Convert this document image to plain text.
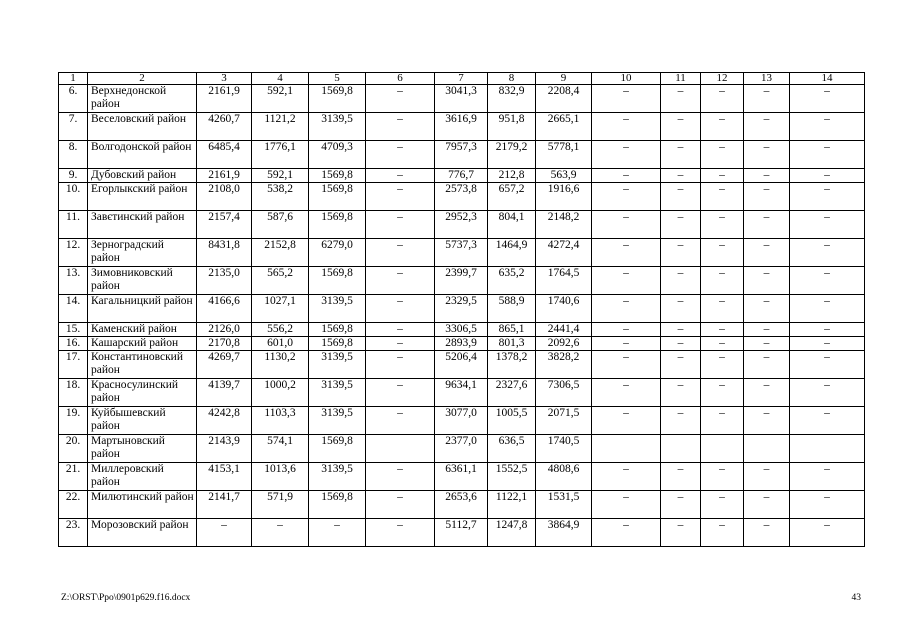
1	2	3	4	5	6	7	8	9	10	11	12	13	14
6.	Верхнедонской район	2161,9	592,1	1569,8	–	3041,3	832,9	2208,4	–	–	–	–	–
7.	Веселовский район	4260,7	1121,2	3139,5	–	3616,9	951,8	2665,1	–	–	–	–	–
8.	Волгодонской район	6485,4	1776,1	4709,3	–	7957,3	2179,2	5778,1	–	–	–	–	–
9.	Дубовский район	2161,9	592,1	1569,8	–	776,7	212,8	563,9	–	–	–	–	–
10.	Егорлыкский район	2108,0	538,2	1569,8	–	2573,8	657,2	1916,6	–	–	–	–	–
11.	Завєтинский район	2157,4	587,6	1569,8	–	2952,3	804,1	2148,2	–	–	–	–	–
12.	Зерноградский район	8431,8	2152,8	6279,0	–	5737,3	1464,9	4272,4	–	–	–	–	–
13.	Зимовниковский район	2135,0	565,2	1569,8	–	2399,7	635,2	1764,5	–	–	–	–	–
14.	Кагальницкий район	4166,6	1027,1	3139,5	–	2329,5	588,9	1740,6	–	–	–	–	–
15.	Каменский район	2126,0	556,2	1569,8	–	3306,5	865,1	2441,4	–	–	–	–	–
16.	Кашарский район	2170,8	601,0	1569,8	–	2893,9	801,3	2092,6	–	–	–	–	–
17.	Константиновский район	4269,7	1130,2	3139,5	–	5206,4	1378,2	3828,2	–	–	–	–	–
18.	Красносулинский район	4139,7	1000,2	3139,5	–	9634,1	2327,6	7306,5	–	–	–	–	–
19.	Куйбышевский район	4242,8	1103,3	3139,5	–	3077,0	1005,5	2071,5	–	–	–	–	–
20.	Мартыновский район	2143,9	574,1	1569,8		2377,0	636,5	1740,5					
21.	Миллеровский район	4153,1	1013,6	3139,5	–	6361,1	1552,5	4808,6	–	–	–	–	–
22.	Милютинский район	2141,7	571,9	1569,8	–	2653,6	1122,1	1531,5	–	–	–	–	–
23.	Морозовский район	–	–	–	–	5112,7	1247,8	3864,9	–	–	–	–	–
Z:\ORST\Ppo\0901p629.f16.docx	43
